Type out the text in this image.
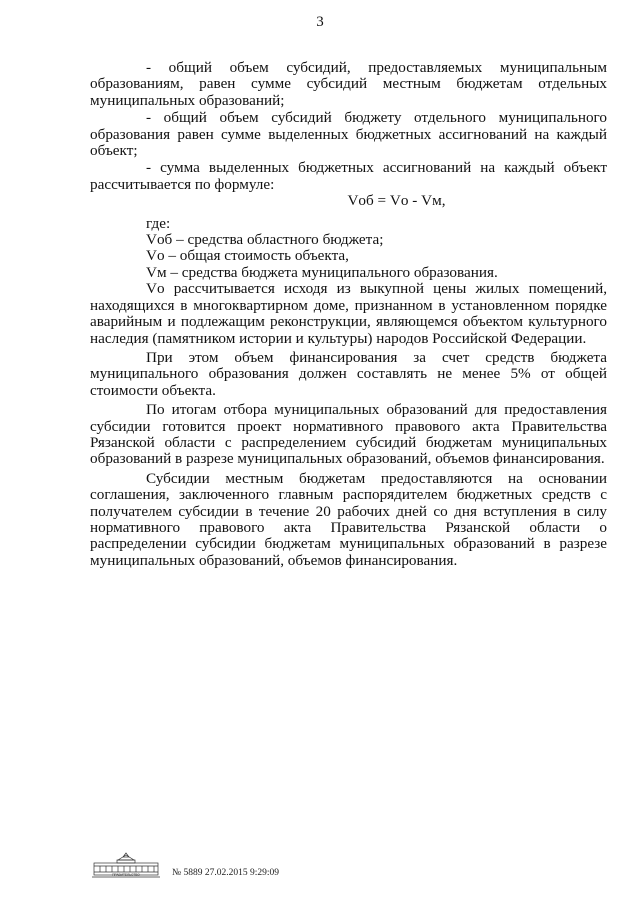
3

- общий объем субсидий, предоставляемых муниципальным образованиям, равен сумме субсидий местным бюджетам отдельных муниципальных образований;

- общий объем субсидий бюджету отдельного муниципального образования равен сумме выделенных бюджетных ассигнований на каждый объект;

- сумма выделенных бюджетных ассигнований на каждый объект рассчитывается по формуле:

Vоб = Vо - Vм,

где:

Vоб – средства областного бюджета;

Vо – общая стоимость объекта,

Vм – средства бюджета муниципального образования.

Vо рассчитывается исходя из выкупной цены жилых помещений, находящихся в многоквартирном доме, признанном в установленном порядке аварийным и подлежащим реконструкции, являющемся объектом культурного наследия (памятником истории и культуры) народов Российской Федерации.

При этом объем финансирования за счет средств бюджета муниципального образования должен составлять не менее 5% от общей стоимости объекта.

По итогам отбора муниципальных образований для предоставления субсидии готовится проект нормативного правового акта Правительства Рязанской области с распределением субсидий бюджетам муниципальных образований в разрезе муниципальных образований, объемов финансирования.

Субсидии местным бюджетам предоставляются на основании соглашения, заключенного главным распорядителем бюджетных средств с получателем субсидии в течение 20 рабочих дней со дня вступления в силу нормативного правового акта Правительства Рязанской области о распределении субсидии бюджетам муниципальных образований в разрезе муниципальных образований, объемов финансирования.

ПРАВИТЕЛЬСТВО	№ 5889 27.02.2015 9:29:09
